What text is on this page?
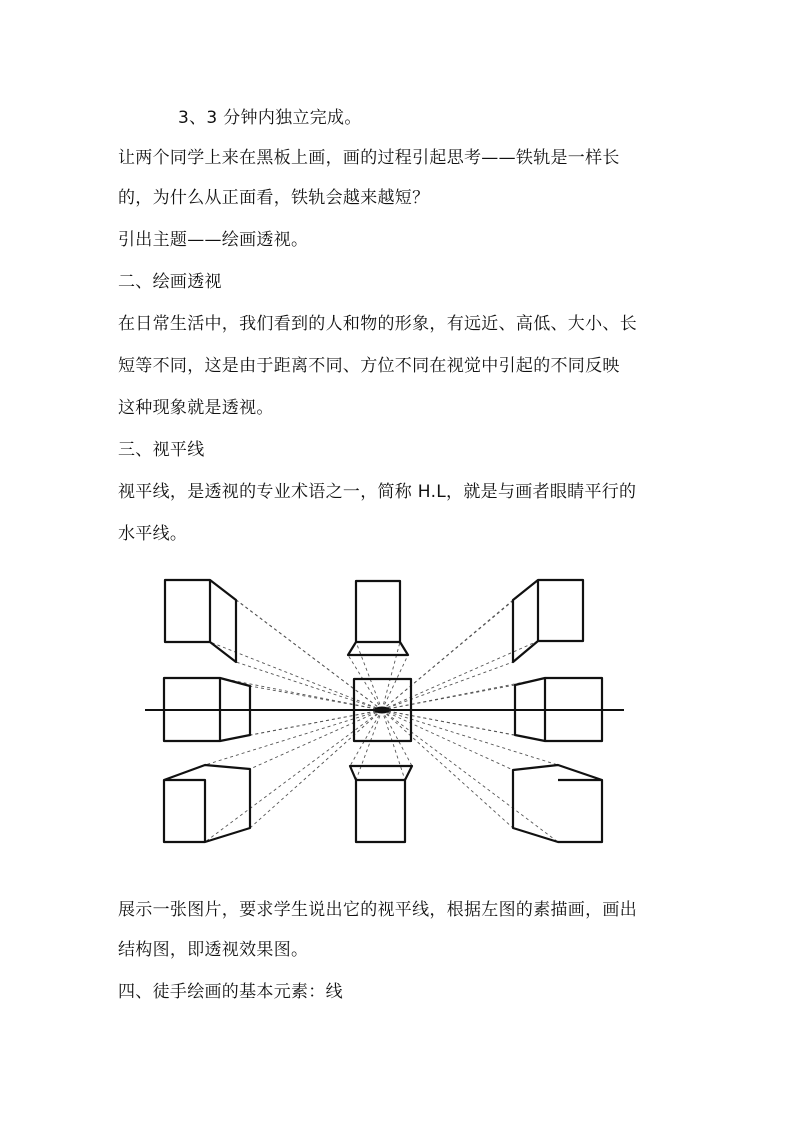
3、3 分钟内独立完成。
让两个同学上来在黑板上画，画的过程引起思考——铁轨是一样长
的，为什么从正面看，铁轨会越来越短？
引出主题——绘画透视。
二、绘画透视
在日常生活中，我们看到的人和物的形象，有远近、高低、大小、长
短等不同，这是由于距离不同、方位不同在视觉中引起的不同反映
这种现象就是透视。
三、视平线
视平线，是透视的专业术语之一，简称 H.L，就是与画者眼睛平行的
水平线。
展示一张图片，要求学生说出它的视平线，根据左图的素描画，画出
结构图，即透视效果图。
四、徒手绘画的基本元素：线
